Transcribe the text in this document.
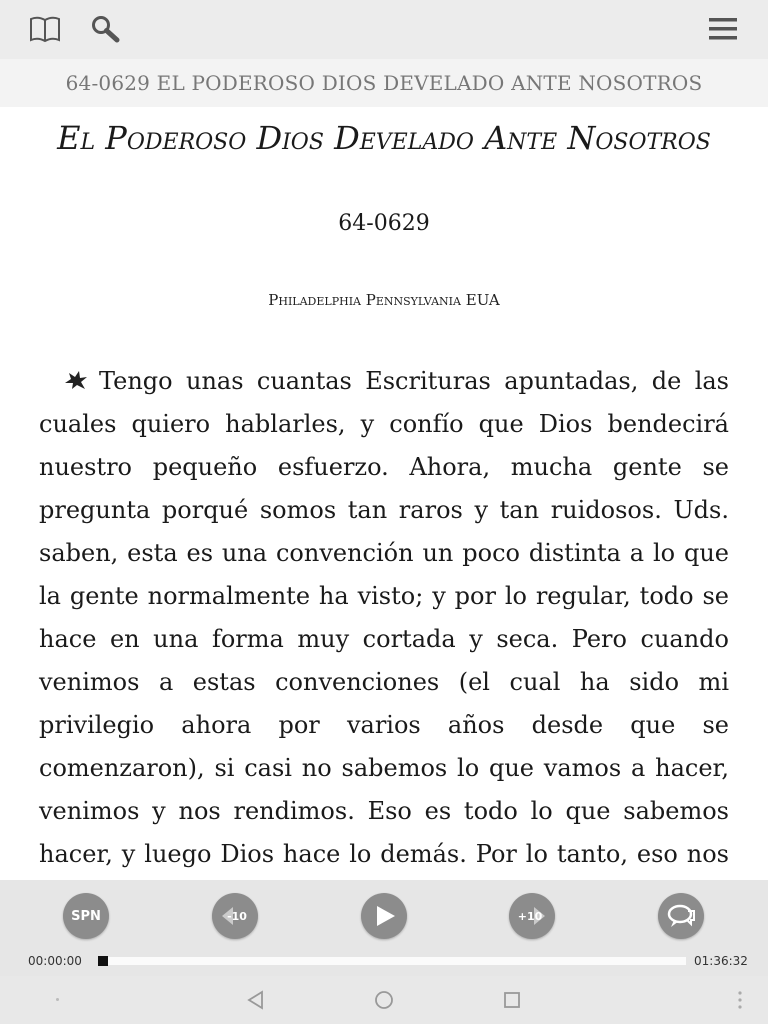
64-0629 EL PODEROSO DIOS DEVELADO ANTE NOSOTROS
El Poderoso Dios Develado Ante Nosotros
64-0629
Philadelphia Pennsylvania EUA

Tengo unas cuantas Escrituras apuntadas, de las cuales quiero hablarles, y confío que Dios bendecirá nuestro pequeño esfuerzo. Ahora, mucha gente se pregunta porqué somos tan raros y tan ruidosos. Uds. saben, esta es una convención un poco distinta a lo que la gente normalmente ha visto; y por lo regular, todo se hace en una forma muy cortada y seca. Pero cuando venimos a estas convenciones (el cual ha sido mi privilegio ahora por varios años desde que se comenzaron), si casi no sabemos lo que vamos a hacer, venimos y nos rendimos. Eso es todo lo que sabemos hacer, y luego Dios hace lo demás. Por lo tanto, eso nos

SPN	-10	+10
00:00:00	01:36:32
